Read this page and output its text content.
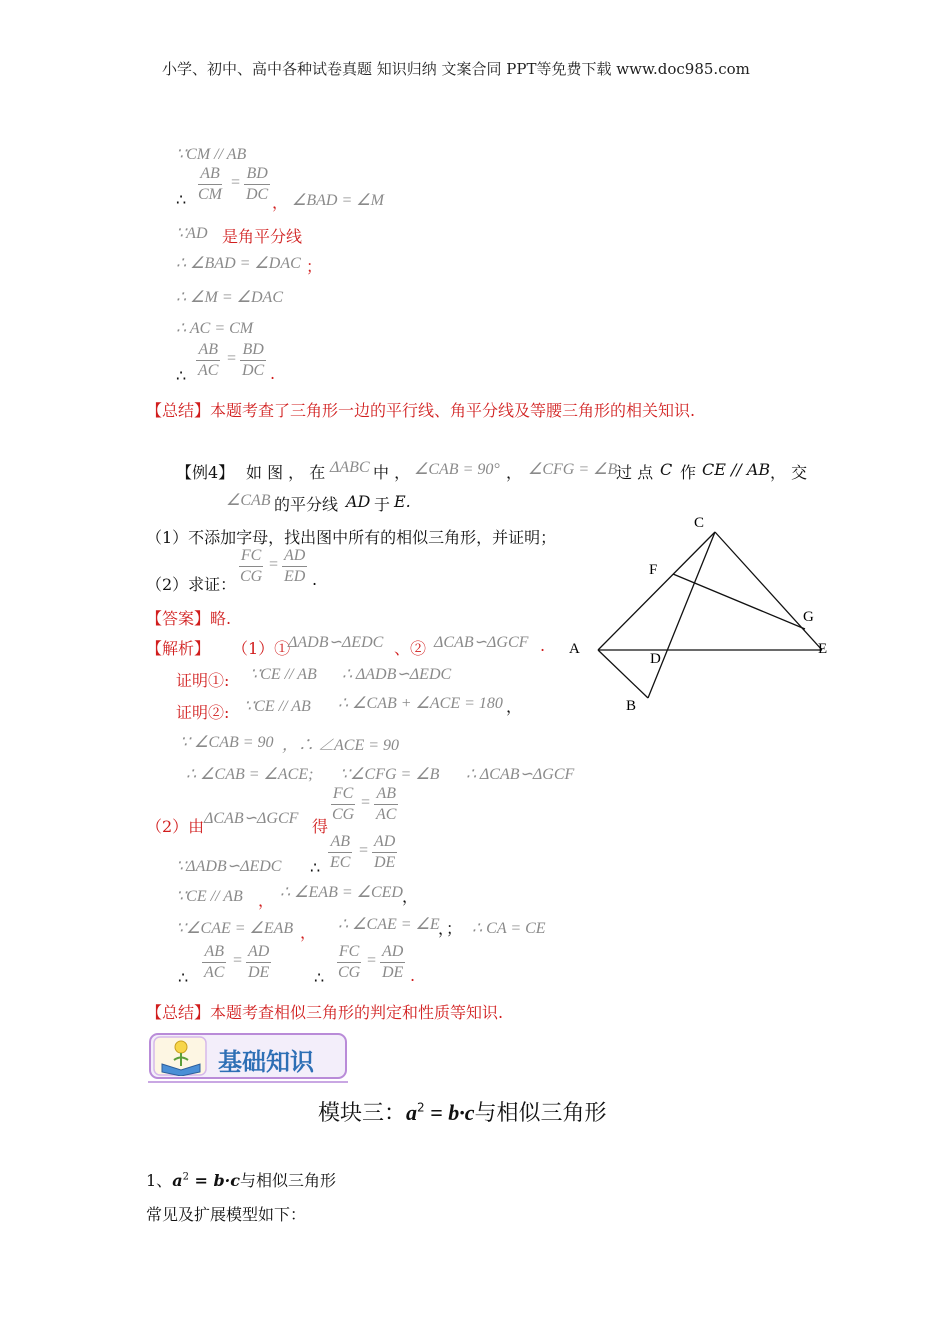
小学、初中、高中各种试卷真题 知识归纳 文案合同 PPT等免费下载 www.doc985.com
∵CM // AB
∴ $\frac{AB}{CM} = \frac{BD}{DC}$ ， ∠BAD = ∠M
∵AD 是角平分线
∴ ∠BAD = ∠DAC ；
∴ ∠M = ∠DAC
∴ AC = CM
∴ $\frac{AB}{AC} = \frac{BD}{DC}$ .
【总结】本题考查了三角形一边的平行线、角平分线及等腰三角形的相关知识.
【例4】 如 图 ， 在 ΔABC 中 ， ∠CAB = 90° ， ∠CFG = ∠B
过 点 C 作 CE // AB ， 交
∠CAB 的平分线 AD 于 E.
（1）不添加字母，找出图中所有的相似三角形，并证明；
（2）求证： $\frac{FC}{CG} = \frac{AD}{ED}$ .
【答案】略.
【解析】 （1）①
ΔADB∽ΔEDC 、② ΔCAB∽ΔGCF .
证明①: ∵CE // AB ∴ ΔADB∽ΔEDC
证明②: ∵CE // AB ∴ ∠CAB + ∠ACE = 180 ，
∵ ∠CAB = 90 ，∴ ∠ACE = 90
∴ ∠CAB = ∠ACE; ∵∠CFG = ∠B ∴ ΔCAB∽ΔGCF
（2）由 ΔCAB∽ΔGCF 得
$\frac{FC}{CG} = \frac{AB}{AC}$
∵ΔADB∽ΔEDC ∴ $\frac{AB}{EC} = \frac{AD}{DE}$
∵CE // AB ， ∴ ∠EAB = ∠CED ，
∵∠CAE = ∠EAB ， ∴ ∠CAE = ∠E
，； ∴ CA = CE
∴ $\frac{AB}{AC} = \frac{AD}{DE}$	∴ $\frac{FC}{CG} = \frac{AD}{DE}$ .
【总结】本题考查相似三角形的判定和性质等知识.
基础知识
模块三：$a^2 = b\cdot c$与相似三角形
1、$a^2 = b\cdot c$与相似三角形
常见及扩展模型如下：
C
F
G
A
D
E
B
